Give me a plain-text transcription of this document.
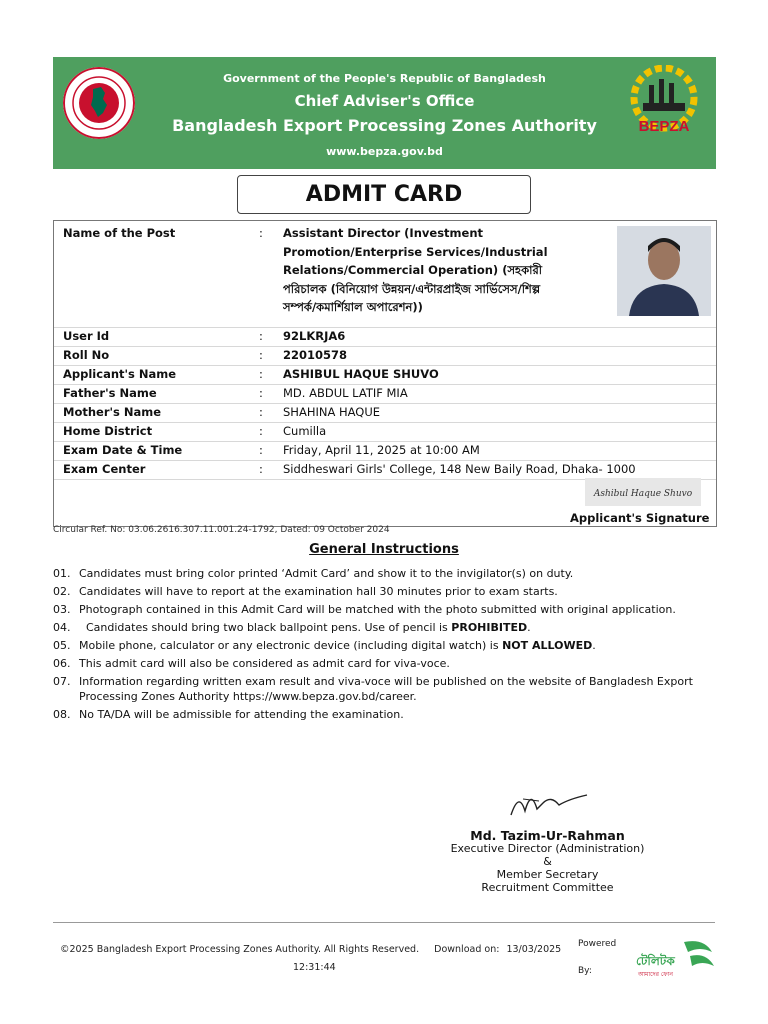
Government of the People's Republic of Bangladesh
Chief Adviser's Office
Bangladesh Export Processing Zones Authority
www.bepza.gov.bd
BEPZA
ADMIT CARD
Name of the Post	: Assistant Director (Investment
Promotion/Enterprise Services/Industrial
Relations/Commercial Operation) (সহকারী
পরিচালক (বিনিয়োগ উন্নয়ন/এন্টারপ্রাইজ সার্ভিসেস/শিল্প
সম্পর্ক/কমার্শিয়াল অপারেশন))
User Id	: 92LKRJA6
Roll No	: 22010578
Applicant's Name	: ASHIBUL HAQUE SHUVO
Father's Name	: MD. ABDUL LATIF MIA
Mother's Name	: SHAHINA HAQUE
Home District	: Cumilla
Exam Date & Time	: Friday, April 11, 2025 at 10:00 AM
Exam Center	: Siddheswari Girls' College, 148 New Baily Road, Dhaka- 1000
Ashibul Haque Shuvo
Applicant's Signature
Circular Ref. No: 03.06.2616.307.11.001.24-1792, Dated: 09 October 2024
General Instructions
01. Candidates must bring color printed ‘Admit Card’ and show it to the invigilator(s) on duty.
02. Candidates will have to report at the examination hall 30 minutes prior to exam starts.
03. Photograph contained in this Admit Card will be matched with the photo submitted with original application.
04. Candidates should bring two black ballpoint pens. Use of pencil is PROHIBITED.
05. Mobile phone, calculator or any electronic device (including digital watch) is NOT ALLOWED.
06. This admit card will also be considered as admit card for viva-voce.
07. Information regarding written exam result and viva-voce will be published on the website of Bangladesh Export Processing Zones Authority https://www.bepza.gov.bd/career.
08. No TA/DA will be admissible for attending the examination.
Md. Tazim-Ur-Rahman
Executive Director (Administration)
&
Member Secretary
Recruitment Committee
©2025 Bangladesh Export Processing Zones Authority. All Rights Reserved. Download on: 13/03/2025
12:31:44
Powered
By:
টেলিটক
আমাদের ফোন
